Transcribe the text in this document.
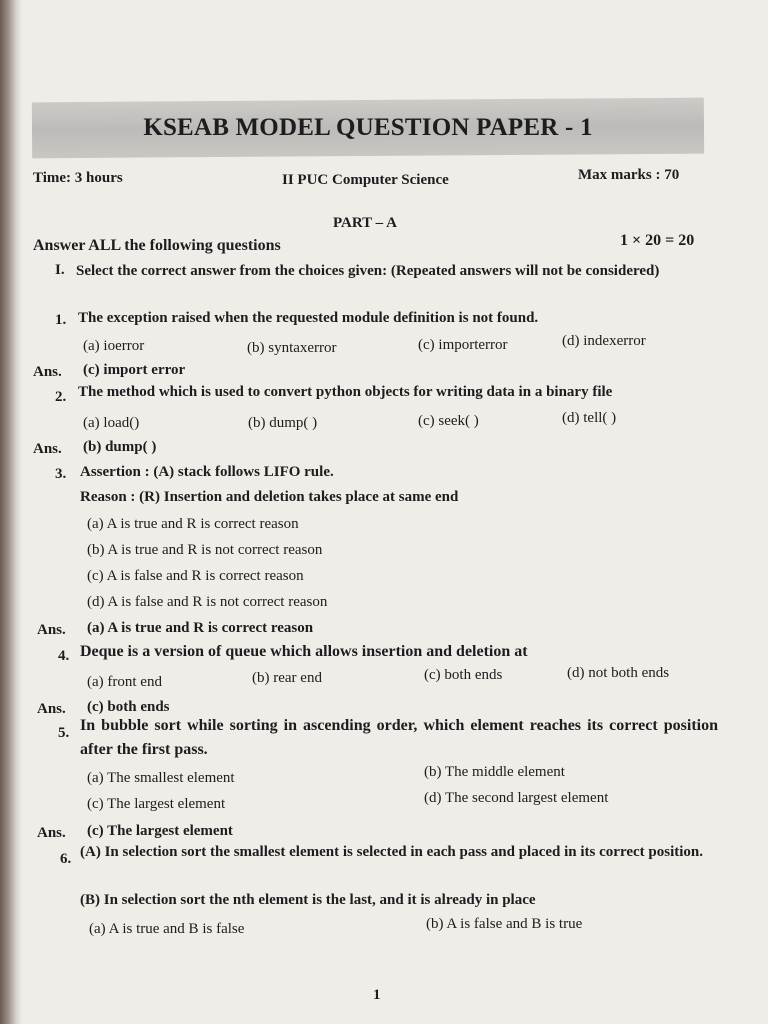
KSEAB MODEL QUESTION PAPER - 1
Time: 3 hours	II PUC Computer Science	Max marks : 70
PART – A
Answer ALL the following questions	1 × 20 = 20
I. Select the correct answer from the choices given: (Repeated answers will not be considered)
1. The exception raised when the requested module definition is not found.
(a) ioerror	(b) syntaxerror	(c) importerror	(d) indexerror
Ans. (c) import error
2. The method which is used to convert python objects for writing data in a binary file
(a) load()	(b) dump( )	(c) seek( )	(d) tell( )
Ans. (b) dump( )
3. Assertion : (A) stack follows LIFO rule.
Reason : (R) Insertion and deletion takes place at same end
(a) A is true and R is correct reason
(b) A is true and R is not correct reason
(c) A is false and R is correct reason
(d) A is false and R is not correct reason
Ans. (a) A is true and R is correct reason
4. Deque is a version of queue which allows insertion and deletion at
(a) front end	(b) rear end	(c) both ends	(d) not both ends
Ans. (c) both ends
5. In bubble sort while sorting in ascending order, which element reaches its correct position after the first pass.
(a) The smallest element	(b) The middle element
(c) The largest element	(d) The second largest element
Ans. (c) The largest element
6. (A) In selection sort the smallest element is selected in each pass and placed in its correct position.
(B) In selection sort the nth element is the last, and it is already in place
(a) A is true and B is false	(b) A is false and B is true
1
